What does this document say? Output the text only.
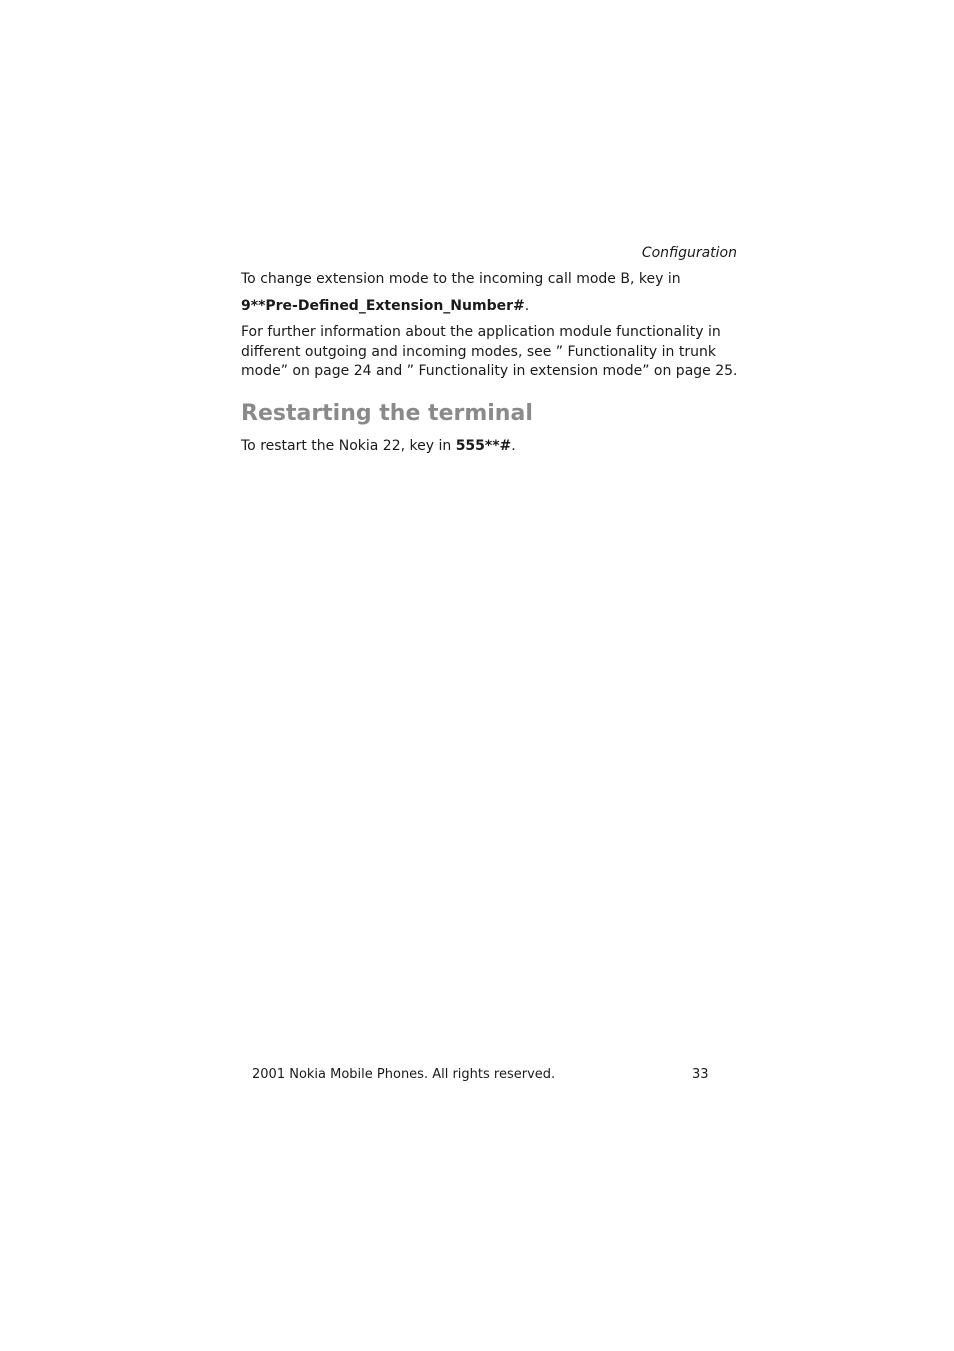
Configuration

To change extension mode to the incoming call mode B, key in

9**Pre-Defined_Extension_Number#.

For further information about the application module functionality in different outgoing and incoming modes, see ” Functionality in trunk mode” on page 24 and ” Functionality in extension mode” on page 25.

Restarting the terminal

To restart the Nokia 22, key in 555**#.

2001 Nokia Mobile Phones. All rights reserved.	33
